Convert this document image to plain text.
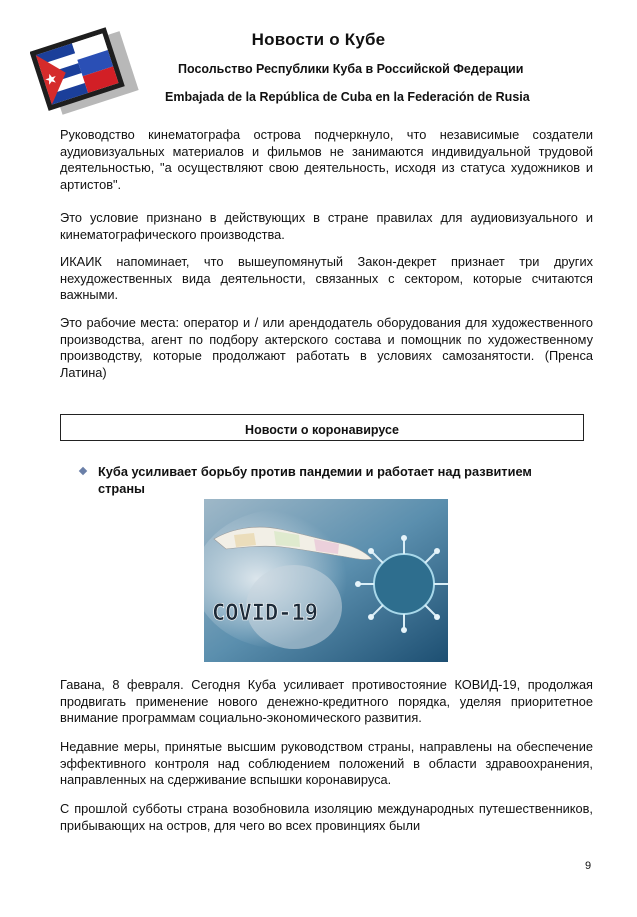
Новости о Кубе
Посольство Республики Куба в Российской Федерации
Embajada de la República de Cuba en la Federación de Rusia

Руководство кинематографа острова подчеркнуло, что независимые создатели аудиовизуальных материалов и фильмов не занимаются индивидуальной трудовой деятельностью, "а осуществляют свою деятельность, исходя из статуса художников и артистов".

Это условие признано в действующих в стране правилах для аудиовизуального и кинематографического производства.

ИКАИК напоминает, что вышеупомянутый Закон-декрет признает три других нехудожественных вида деятельности, связанных с сектором, которые считаются важными.

Это рабочие места: оператор и / или арендодатель оборудования для художественного производства, агент по подбору актерского состава и помощник по художественному производству, которые продолжают работать в условиях самозанятости. (Пренса Латина)

Новости о коронавирусе
Куба усиливает борьбу против пандемии и работает над развитием страны
COVID-19

Гавана, 8 февраля. Сегодня Куба усиливает противостояние КОВИД-19, продолжая продвигать применение нового денежно-кредитного порядка, уделяя приоритетное внимание программам социально-экономического развития.

Недавние меры, принятые высшим руководством страны, направлены на обеспечение эффективного контроля над соблюдением положений в области здравоохранения, направленных на сдерживание вспышки коронавируса.

С прошлой субботы страна возобновила изоляцию международных путешественников, прибывающих на остров, для чего во всех провинциях были

9
